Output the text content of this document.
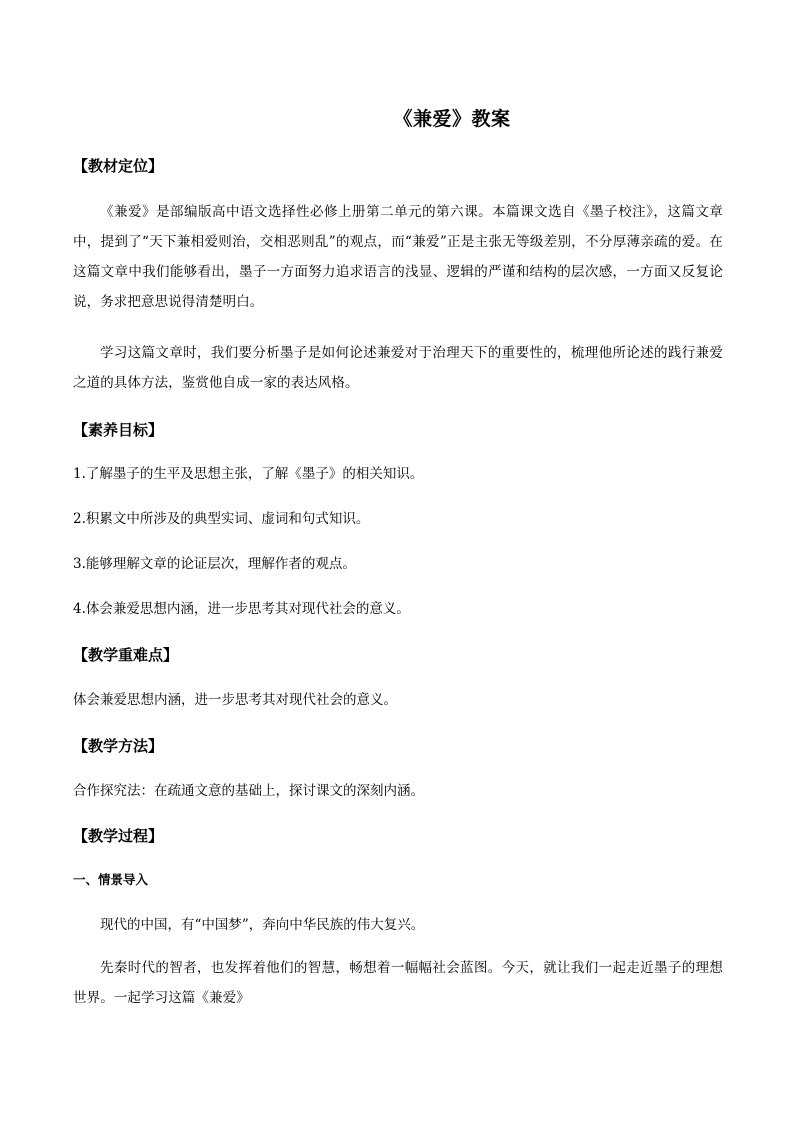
《兼爱》教案
【教材定位】
《兼爱》是部编版高中语文选择性必修上册第二单元的第六课。本篇课文选自《墨子校注》，这篇文章中，提到了“天下兼相爱则治，交相恶则乱”的观点，而“兼爱”正是主张无等级差别，不分厚薄亲疏的爱。在这篇文章中我们能够看出，墨子一方面努力追求语言的浅显、逻辑的严谨和结构的层次感，一方面又反复论说，务求把意思说得清楚明白。
学习这篇文章时，我们要分析墨子是如何论述兼爱对于治理天下的重要性的，梳理他所论述的践行兼爱之道的具体方法，鉴赏他自成一家的表达风格。
【素养目标】
1.了解墨子的生平及思想主张，了解《墨子》的相关知识。
2.积累文中所涉及的典型实词、虚词和句式知识。
3.能够理解文章的论证层次，理解作者的观点。
4.体会兼爱思想内涵，进一步思考其对现代社会的意义。
【教学重难点】
体会兼爱思想内涵，进一步思考其对现代社会的意义。
【教学方法】
合作探究法：在疏通文意的基础上，探讨课文的深刻内涵。
【教学过程】
一、情景导入
现代的中国，有“中国梦”，奔向中华民族的伟大复兴。
先秦时代的智者，也发挥着他们的智慧，畅想着一幅幅社会蓝图。今天，就让我们一起走近墨子的理想世界。一起学习这篇《兼爱》
